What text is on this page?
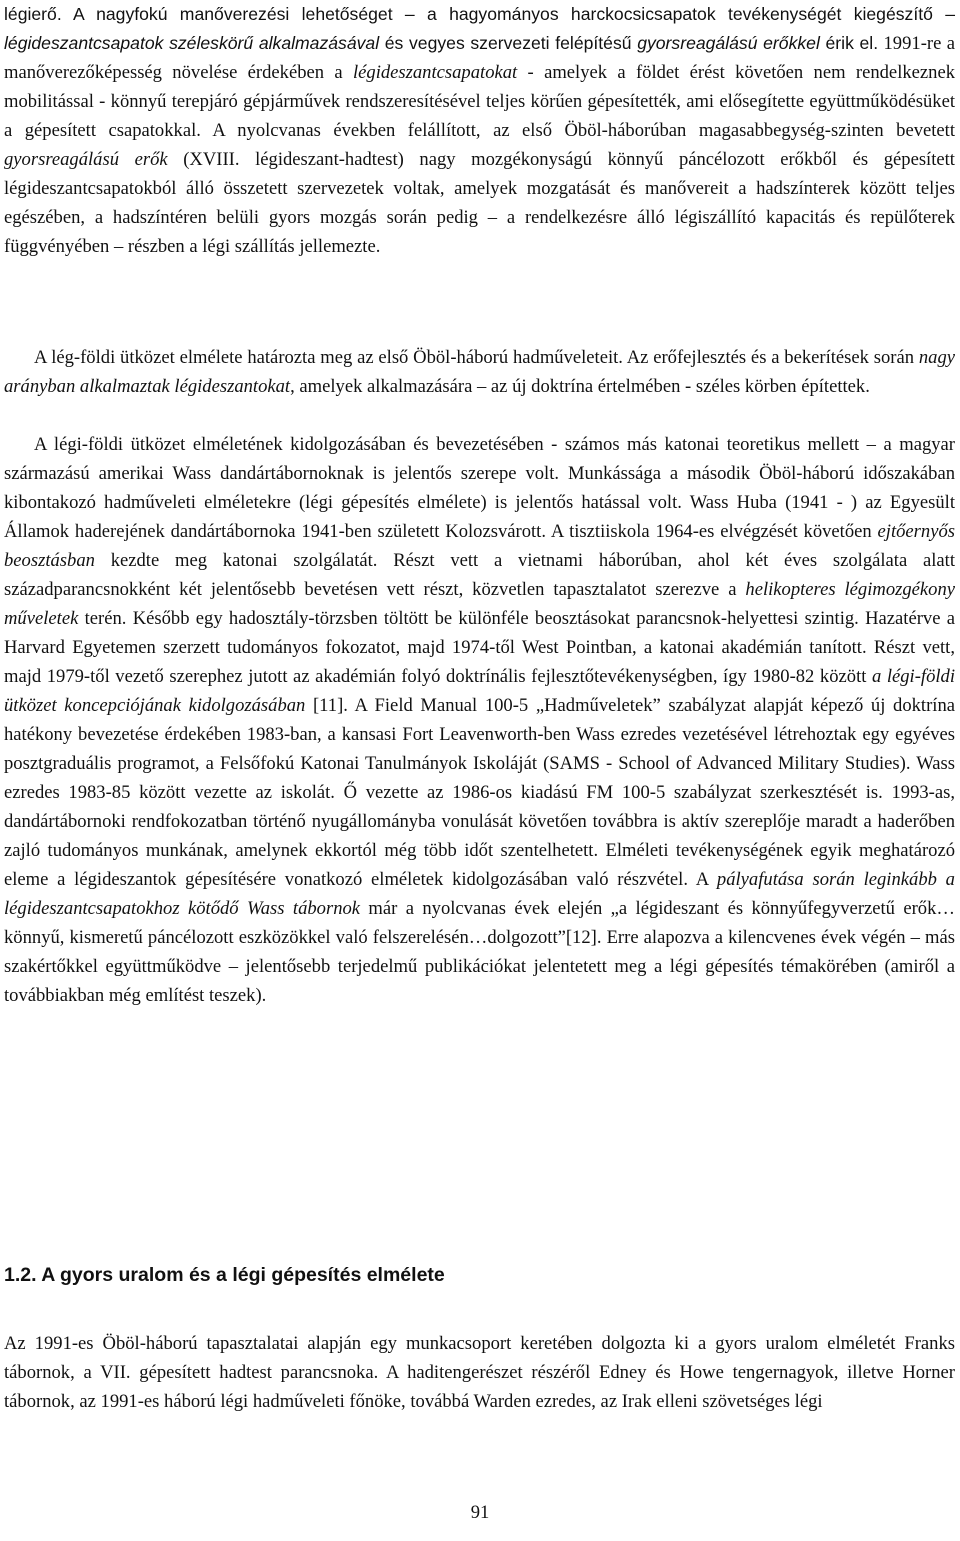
légierő. A nagyfokú manőverezési lehetőséget – a hagyományos harckocsicsapatok tevékenységét kiegészítő – légideszantcsapatok széleskörű alkalmazásával és vegyes szervezeti felépítésű gyorsreagálású erőkkel érik el. 1991-re a manőverezőképesség növelése érdekében a légideszantcsapatokat - amelyek a földet érést követően nem rendelkeznek mobilitással - könnyű terepjáró gépjárművek rendszeresítésével teljes körűen gépesítették, ami elősegítette együttműködésüket a gépesített csapatokkal. A nyolcvanas években felállított, az első Öböl-háborúban magasabbegység-szinten bevetett gyorsreagálású erők (XVIII. légideszant-hadtest) nagy mozgékonyságú könnyű páncélozott erőkből és gépesített légideszantcsapatokból álló összetett szervezetek voltak, amelyek mozgatását és manővereit a hadszínterek között teljes egészében, a hadszíntéren belüli gyors mozgás során pedig – a rendelkezésre álló légiszállító kapacitás és repülőterek függvényében – részben a légi szállítás jellemezte.

A lég-földi ütközet elmélete határozta meg az első Öböl-háború hadműveleteit. Az erőfejlesztés és a bekerítések során nagy arányban alkalmaztak légideszantokat, amelyek alkalmazására – az új doktrína értelmében - széles körben építettek.

A légi-földi ütközet elméletének kidolgozásában és bevezetésében - számos más katonai teoretikus mellett – a magyar származású amerikai Wass dandártábornoknak is jelentős szerepe volt. Munkássága a második Öböl-háború időszakában kibontakozó hadműveleti elméletekre (légi gépesítés elmélete) is jelentős hatással volt. Wass Huba (1941 - ) az Egyesült Államok haderejének dandártábornoka 1941-ben született Kolozsvárott. A tisztiiskola 1964-es elvégzését követően ejtőernyős beosztásban kezdte meg katonai szolgálatát. Részt vett a vietnami háborúban, ahol két éves szolgálata alatt századparancsnokként két jelentősebb bevetésen vett részt, közvetlen tapasztalatot szerezve a helikopteres légimozgékony műveletek terén. Később egy hadosztály-törzsben töltött be különféle beosztásokat parancsnok-helyettesi szintig. Hazatérve a Harvard Egyetemen szerzett tudományos fokozatot, majd 1974-től West Pointban, a katonai akadémián tanított. Részt vett, majd 1979-től vezető szerephez jutott az akadémián folyó doktrínális fejlesztőtevékenységben, így 1980-82 között a légi-földi ütközet koncepciójának kidolgozásában [11]. A Field Manual 100-5 „Hadműveletek” szabályzat alapját képező új doktrína hatékony bevezetése érdekében 1983-ban, a kansasi Fort Leavenworth-ben Wass ezredes vezetésével létrehoztak egy egyéves posztgraduális programot, a Felsőfokú Katonai Tanulmányok Iskoláját (SAMS - School of Advanced Military Studies). Wass ezredes 1983-85 között vezette az iskolát. Ő vezette az 1986-os kiadású FM 100-5 szabályzat szerkesztését is. 1993-as, dandártábornoki rendfokozatban történő nyugállományba vonulását követően továbbra is aktív szereplője maradt a haderőben zajló tudományos munkának, amelynek ekkortól még több időt szentelhetett. Elméleti tevékenységének egyik meghatározó eleme a légideszantok gépesítésére vonatkozó elméletek kidolgozásában való részvétel. A pályafutása során leginkább a légideszantcsapatokhoz kötődő Wass tábornok már a nyolcvanas évek elején „a légideszant és könnyűfegyverzetű erők…könnyű, kismeretű páncélozott eszközökkel való felszerelésén…dolgozott”[12]. Erre alapozva a kilencvenes évek végén – más szakértőkkel együttműködve – jelentősebb terjedelmű publikációkat jelentetett meg a légi gépesítés témakörében (amiről a továbbiakban még említést teszek).

1.2. A gyors uralom és a légi gépesítés elmélete

Az 1991-es Öböl-háború tapasztalatai alapján egy munkacsoport keretében dolgozta ki a gyors uralom elméletét Franks tábornok, a VII. gépesített hadtest parancsnoka. A haditengerészet részéről Edney és Howe tengernagyok, illetve Horner tábornok, az 1991-es háború légi hadműveleti főnöke, továbbá Warden ezredes, az Irak elleni szövetséges légi

91
